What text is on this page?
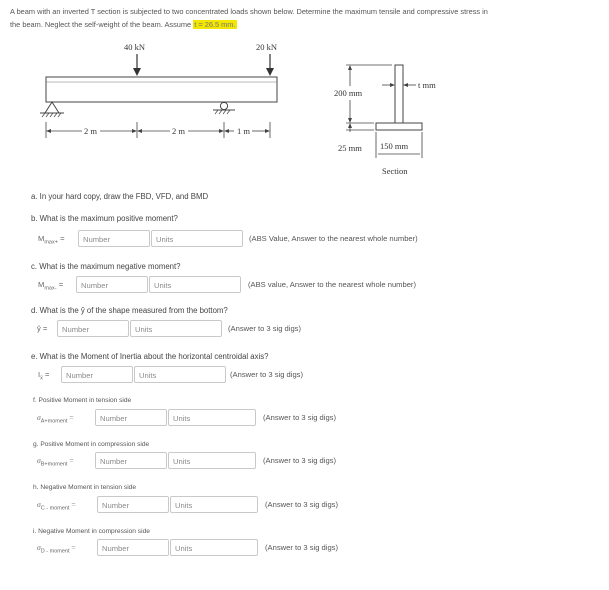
A beam with an inverted T section is subjected to two concentrated loads shown below. Determine the maximum tensile and compressive stress in
the beam. Neglect the self-weight of the beam. Assume t = 26.5 mm.
40 kN	20 kN
2 m	2 m	1 m
200 mm
t mm
25 mm 150 mm
Section
a. In your hard copy, draw the FBD, VFD, and BMD
b. What is the maximum positive moment?
$M_{max+}$ =	Number	Units	(ABS Value, Answer to the nearest whole number)
c. What is the maximum negative moment?
$M_{max-}$ =	Number	Units	(ABS value, Answer to the nearest whole number)
d. What is the ŷ of the shape measured from the bottom?
ŷ =	Number	Units	(Answer to 3 sig digs)
e. What is the Moment of Inertia about the horizontal centroidal axis?
$I_{x̄}$ =	Number	Units	(Answer to 3 sig digs)
f. Positive Moment in tension side
$\sigma_{A+moment}$ =	Number	Units	(Answer to 3 sig digs)
g. Positive Moment in compression side
$\sigma_{B+moment}$ =	Number	Units	(Answer to 3 sig digs)
h. Negative Moment in tension side
$\sigma_{C - moment}$ =	Number	Units	(Answer to 3 sig digs)
i. Negative Moment in compression side
$\sigma_{D - moment}$ =	Number	Units	(Answer to 3 sig digs)
